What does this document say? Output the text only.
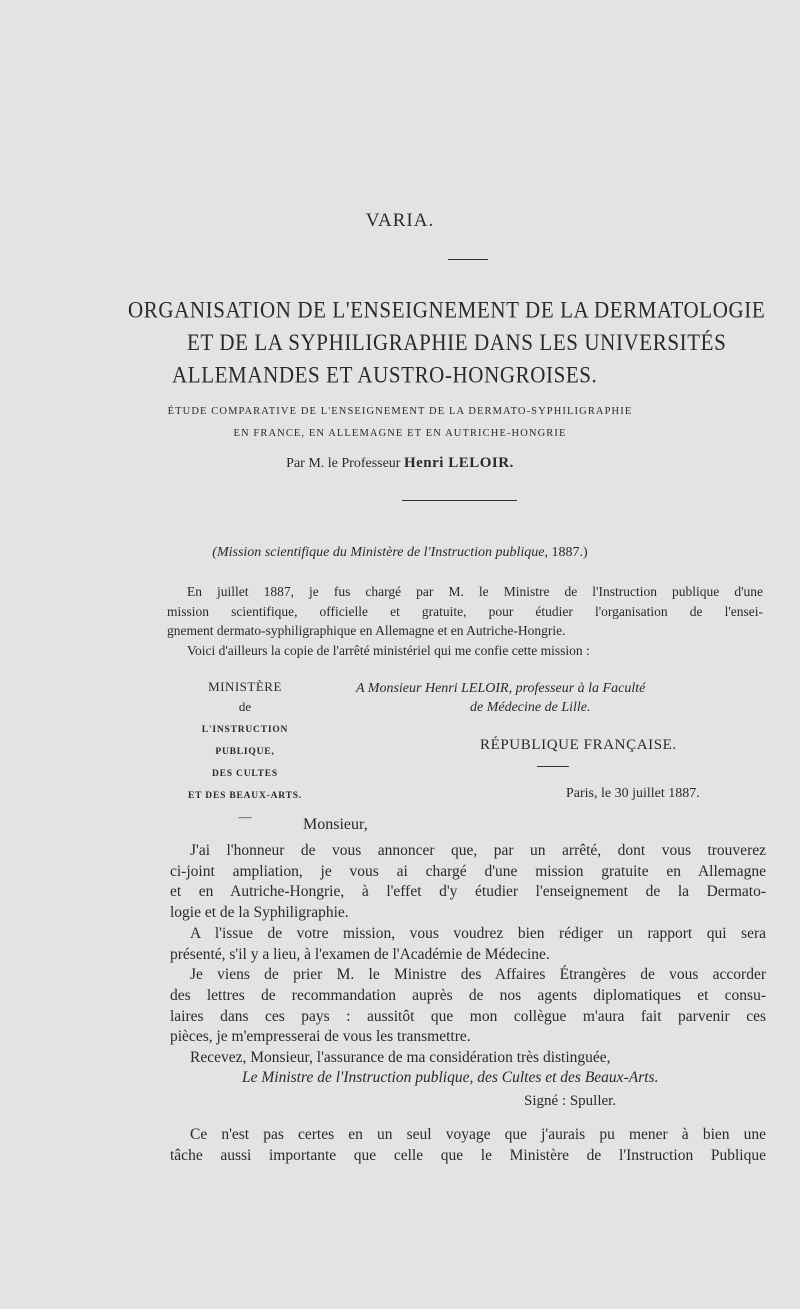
VARIA.
ORGANISATION DE L'ENSEIGNEMENT DE LA DERMATOLOGIE
ET DE LA SYPHILIGRAPHIE DANS LES UNIVERSITÉS
ALLEMANDES ET AUSTRO-HONGROISES.
ÉTUDE COMPARATIVE DE L'ENSEIGNEMENT DE LA DERMATO-SYPHILIGRAPHIE
EN FRANCE, EN ALLEMAGNE ET EN AUTRICHE-HONGRIE
Par M. le Professeur Henri LELOIR.
(Mission scientifique du Ministère de l'Instruction publique, 1887.)
En juillet 1887, je fus chargé par M. le Ministre de l'Instruction publique d'une
mission scientifique, officielle et gratuite, pour étudier l'organisation de l'ensei-
gnement dermato-syphiligraphique en Allemagne et en Autriche-Hongrie.
Voici d'ailleurs la copie de l'arrêté ministériel qui me confie cette mission :
MINISTÈRE
de
L'INSTRUCTION PUBLIQUE,
DES CULTES
ET DES BEAUX-ARTS.
—
A Monsieur Henri LELOIR, professeur à la Faculté
de Médecine de Lille.
RÉPUBLIQUE FRANÇAISE.
Paris, le 30 juillet 1887.
Monsieur,
J'ai l'honneur de vous annoncer que, par un arrêté, dont vous trouverez
ci-joint ampliation, je vous ai chargé d'une mission gratuite en Allemagne
et en Autriche-Hongrie, à l'effet d'y étudier l'enseignement de la Dermato-
logie et de la Syphiligraphie.
A l'issue de votre mission, vous voudrez bien rédiger un rapport qui sera
présenté, s'il y a lieu, à l'examen de l'Académie de Médecine.
Je viens de prier M. le Ministre des Affaires Étrangères de vous accorder
des lettres de recommandation auprès de nos agents diplomatiques et consu-
laires dans ces pays : aussitôt que mon collègue m'aura fait parvenir ces
pièces, je m'empresserai de vous les transmettre.
Recevez, Monsieur, l'assurance de ma considération très distinguée,
Le Ministre de l'Instruction publique, des Cultes et des Beaux-Arts.
Signé : Spuller.
Ce n'est pas certes en un seul voyage que j'aurais pu mener à bien une
tâche aussi importante que celle que le Ministère de l'Instruction Publique
